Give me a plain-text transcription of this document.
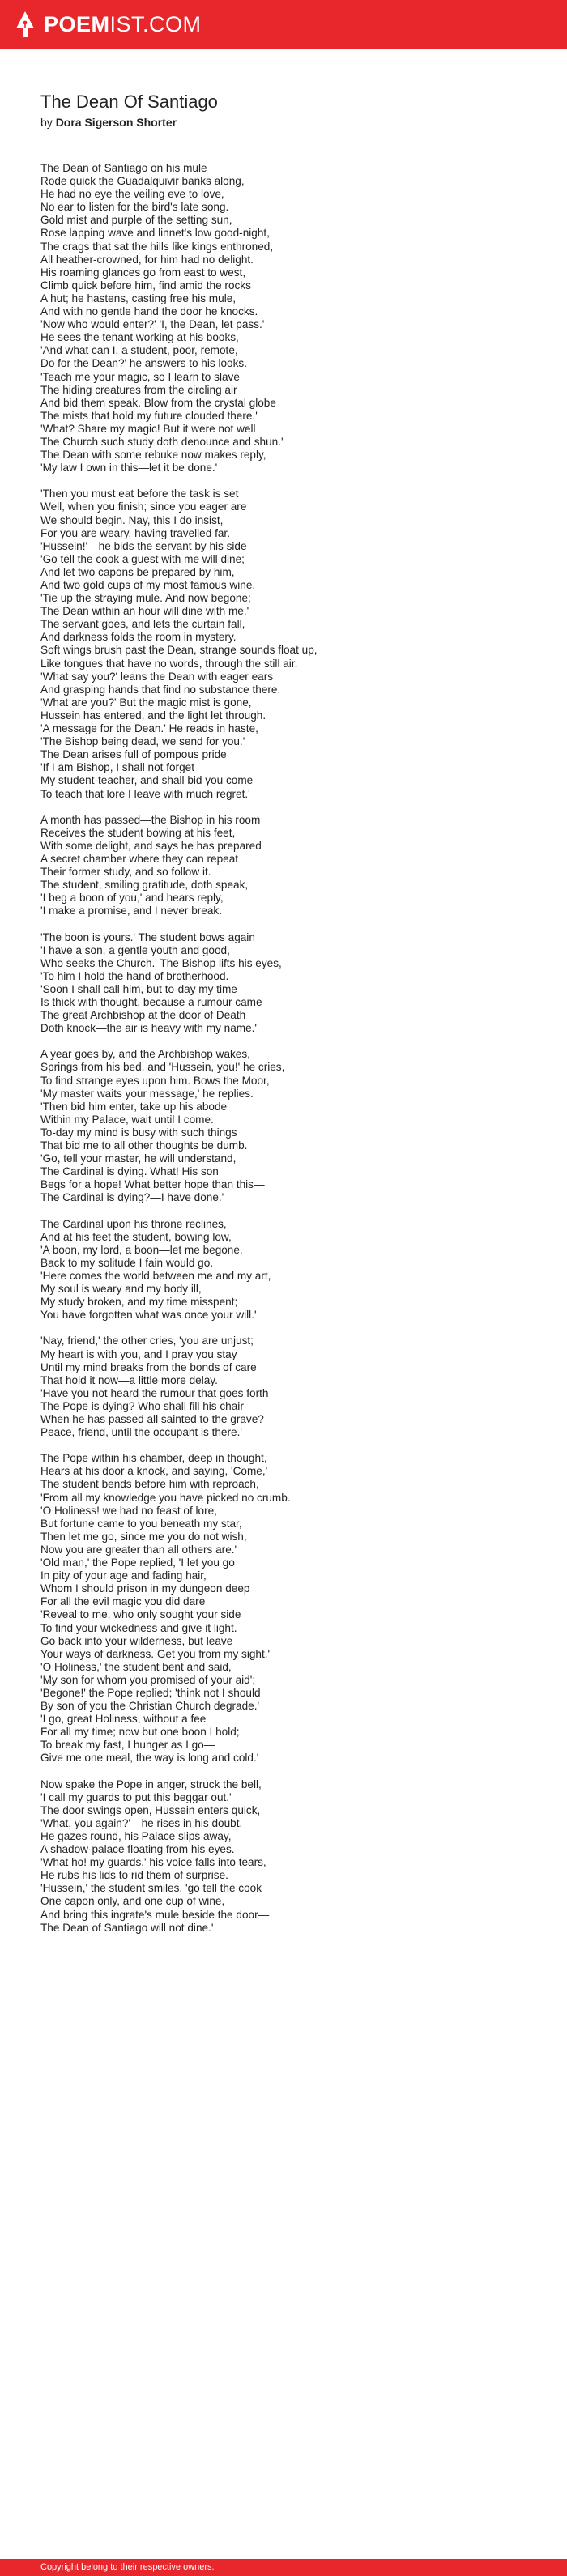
POEMIST.COM
The Dean Of Santiago
by Dora Sigerson Shorter
The Dean of Santiago on his mule
Rode quick the Guadalquivir banks along,
He had no eye the veiling eve to love,
No ear to listen for the bird's late song.
Gold mist and purple of the setting sun,
Rose lapping wave and linnet's low good-night,
The crags that sat the hills like kings enthroned,
All heather-crowned, for him had no delight.
His roaming glances go from east to west,
Climb quick before him, find amid the rocks
A hut; he hastens, casting free his mule,
And with no gentle hand the door he knocks.
'Now who would enter?' 'I, the Dean, let pass.'
He sees the tenant working at his books,
'And what can I, a student, poor, remote,
Do for the Dean?' he answers to his looks.
'Teach me your magic, so I learn to slave
The hiding creatures from the circling air
And bid them speak. Blow from the crystal globe
The mists that hold my future clouded there.'
'What? Share my magic! But it were not well
The Church such study doth denounce and shun.'
The Dean with some rebuke now makes reply,
'My law I own in this—let it be done.'
'Then you must eat before the task is set
Well, when you finish; since you eager are
We should begin. Nay, this I do insist,
For you are weary, having travelled far.
'Hussein!'—he bids the servant by his side—
'Go tell the cook a guest with me will dine;
And let two capons be prepared by him,
And two gold cups of my most famous wine.
'Tie up the straying mule. And now begone;
The Dean within an hour will dine with me.'
The servant goes, and lets the curtain fall,
And darkness folds the room in mystery.
Soft wings brush past the Dean, strange sounds float up,
Like tongues that have no words, through the still air.
'What say you?' leans the Dean with eager ears
And grasping hands that find no substance there.
'What are you?' But the magic mist is gone,
Hussein has entered, and the light let through.
'A message for the Dean.' He reads in haste,
'The Bishop being dead, we send for you.'
The Dean arises full of pompous pride
'If I am Bishop, I shall not forget
My student-teacher, and shall bid you come
To teach that lore I leave with much regret.'
A month has passed—the Bishop in his room
Receives the student bowing at his feet,
With some delight, and says he has prepared
A secret chamber where they can repeat
Their former study, and so follow it.
The student, smiling gratitude, doth speak,
'I beg a boon of you,' and hears reply,
'I make a promise, and I never break.
'The boon is yours.' The student bows again
'I have a son, a gentle youth and good,
Who seeks the Church.' The Bishop lifts his eyes,
'To him I hold the hand of brotherhood.
'Soon I shall call him, but to-day my time
Is thick with thought, because a rumour came
The great Archbishop at the door of Death
Doth knock—the air is heavy with my name.'
A year goes by, and the Archbishop wakes,
Springs from his bed, and 'Hussein, you!' he cries,
To find strange eyes upon him. Bows the Moor,
'My master waits your message,' he replies.
'Then bid him enter, take up his abode
Within my Palace, wait until I come.
To-day my mind is busy with such things
That bid me to all other thoughts be dumb.
'Go, tell your master, he will understand,
The Cardinal is dying. What! His son
Begs for a hope! What better hope than this—
The Cardinal is dying?—I have done.'
The Cardinal upon his throne reclines,
And at his feet the student, bowing low,
'A boon, my lord, a boon—let me begone.
Back to my solitude I fain would go.
'Here comes the world between me and my art,
My soul is weary and my body ill,
My study broken, and my time misspent;
You have forgotten what was once your will.'
'Nay, friend,' the other cries, 'you are unjust;
My heart is with you, and I pray you stay
Until my mind breaks from the bonds of care
That hold it now—a little more delay.
'Have you not heard the rumour that goes forth—
The Pope is dying? Who shall fill his chair
When he has passed all sainted to the grave?
Peace, friend, until the occupant is there.'
The Pope within his chamber, deep in thought,
Hears at his door a knock, and saying, 'Come,'
The student bends before him with reproach,
'From all my knowledge you have picked no crumb.
'O Holiness! we had no feast of lore,
But fortune came to you beneath my star,
Then let me go, since me you do not wish,
Now you are greater than all others are.'
'Old man,' the Pope replied, 'I let you go
In pity of your age and fading hair,
Whom I should prison in my dungeon deep
For all the evil magic you did dare
'Reveal to me, who only sought your side
To find your wickedness and give it light.
Go back into your wilderness, but leave
Your ways of darkness. Get you from my sight.'
'O Holiness,' the student bent and said,
'My son for whom you promised of your aid';
'Begone!' the Pope replied; 'think not I should
By son of you the Christian Church degrade.'
'I go, great Holiness, without a fee
For all my time; now but one boon I hold;
To break my fast, I hunger as I go—
Give me one meal, the way is long and cold.'
Now spake the Pope in anger, struck the bell,
'I call my guards to put this beggar out.'
The door swings open, Hussein enters quick,
'What, you again?'—he rises in his doubt.
He gazes round, his Palace slips away,
A shadow-palace floating from his eyes.
'What ho! my guards,' his voice falls into tears,
He rubs his lids to rid them of surprise.
'Hussein,' the student smiles, 'go tell the cook
One capon only, and one cup of wine,
And bring this ingrate's mule beside the door—
The Dean of Santiago will not dine.'
Copyright belong to their respective owners.
